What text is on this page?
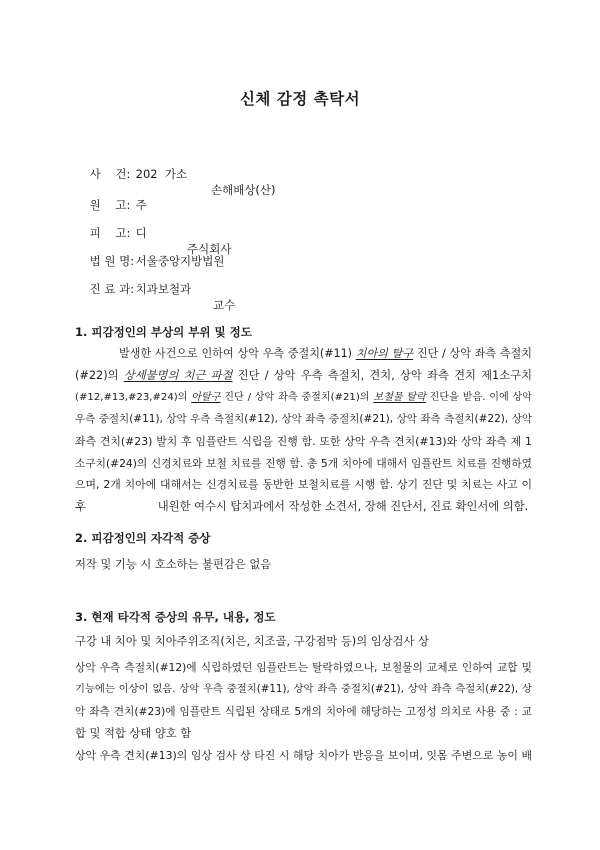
신체 감정 촉탁서

사    건: 202  가소

손해배상(산)

원    고: 주

피    고: 디

주식회사

법 원 명:서울중앙지방법원

진 료 과:치과보철과

교수

1. 피감정인의 부상의 부위 및 정도
발생한 사건으로 인하여 상악 우측 중절치(#11) 치아의 탈구 진단 / 상악 좌측 측절치
(#22)의 상세불명의 치근 파절 진단 / 상악 우측 측절치, 견치, 상악 좌측 견치 제1소구치
(#12,#13,#23,#24)의 아탈구 진단 / 상악 좌측 중절치(#21)의 보철물 탈락 진단을 받음. 이에 상악
우측 중절치(#11), 상악 우측 측절치(#12), 상악 좌측 중절치(#21), 상악 좌측 측절치(#22), 상악
좌측 견치(#23) 발치 후 임플란트 식립을 진행 함. 또한 상악 우측 견치(#13)와 상악 좌측 제 1
소구치(#24)의 신경치료와 보철 치료를 진행 함. 총 5개 치아에 대해서 임플란트 치료를 진행하였
으며, 2개 치아에 대해서는 신경치료를 동반한 보철치료를 시행 함. 상기 진단 및 치료는 사고 이
후	내원한 여수시 탑치과에서 작성한 소견서, 장해 진단서, 진료 확인서에 의함.
2. 피감정인의 자각적 증상
저작 및 기능 시 호소하는 불편감은 없음
3. 현재 타각적 증상의 유무, 내용, 정도
구강 내 치아 및 치아주위조직(치은, 치조골, 구강점막 등)의 임상검사 상
상악 우측 측절치(#12)에 식립하였던 임플란트는 탈락하였으나, 보철물의 교체로 인하여 교합 및
기능에는 이상이 없음. 상악 우측 중절치(#11), 상악 좌측 중절치(#21), 상악 좌측 측절치(#22), 상
악 좌측 견치(#23)에 임플란트 식립된 상태로 5개의 치아에 해당하는 고정성 의치로 사용 중 : 교
합 및 적합 상태 양호 함
상악 우측 견치(#13)의 임상 검사 상 타진 시 해당 치아가 반응을 보이며, 잇몸 주변으로 농이 배
